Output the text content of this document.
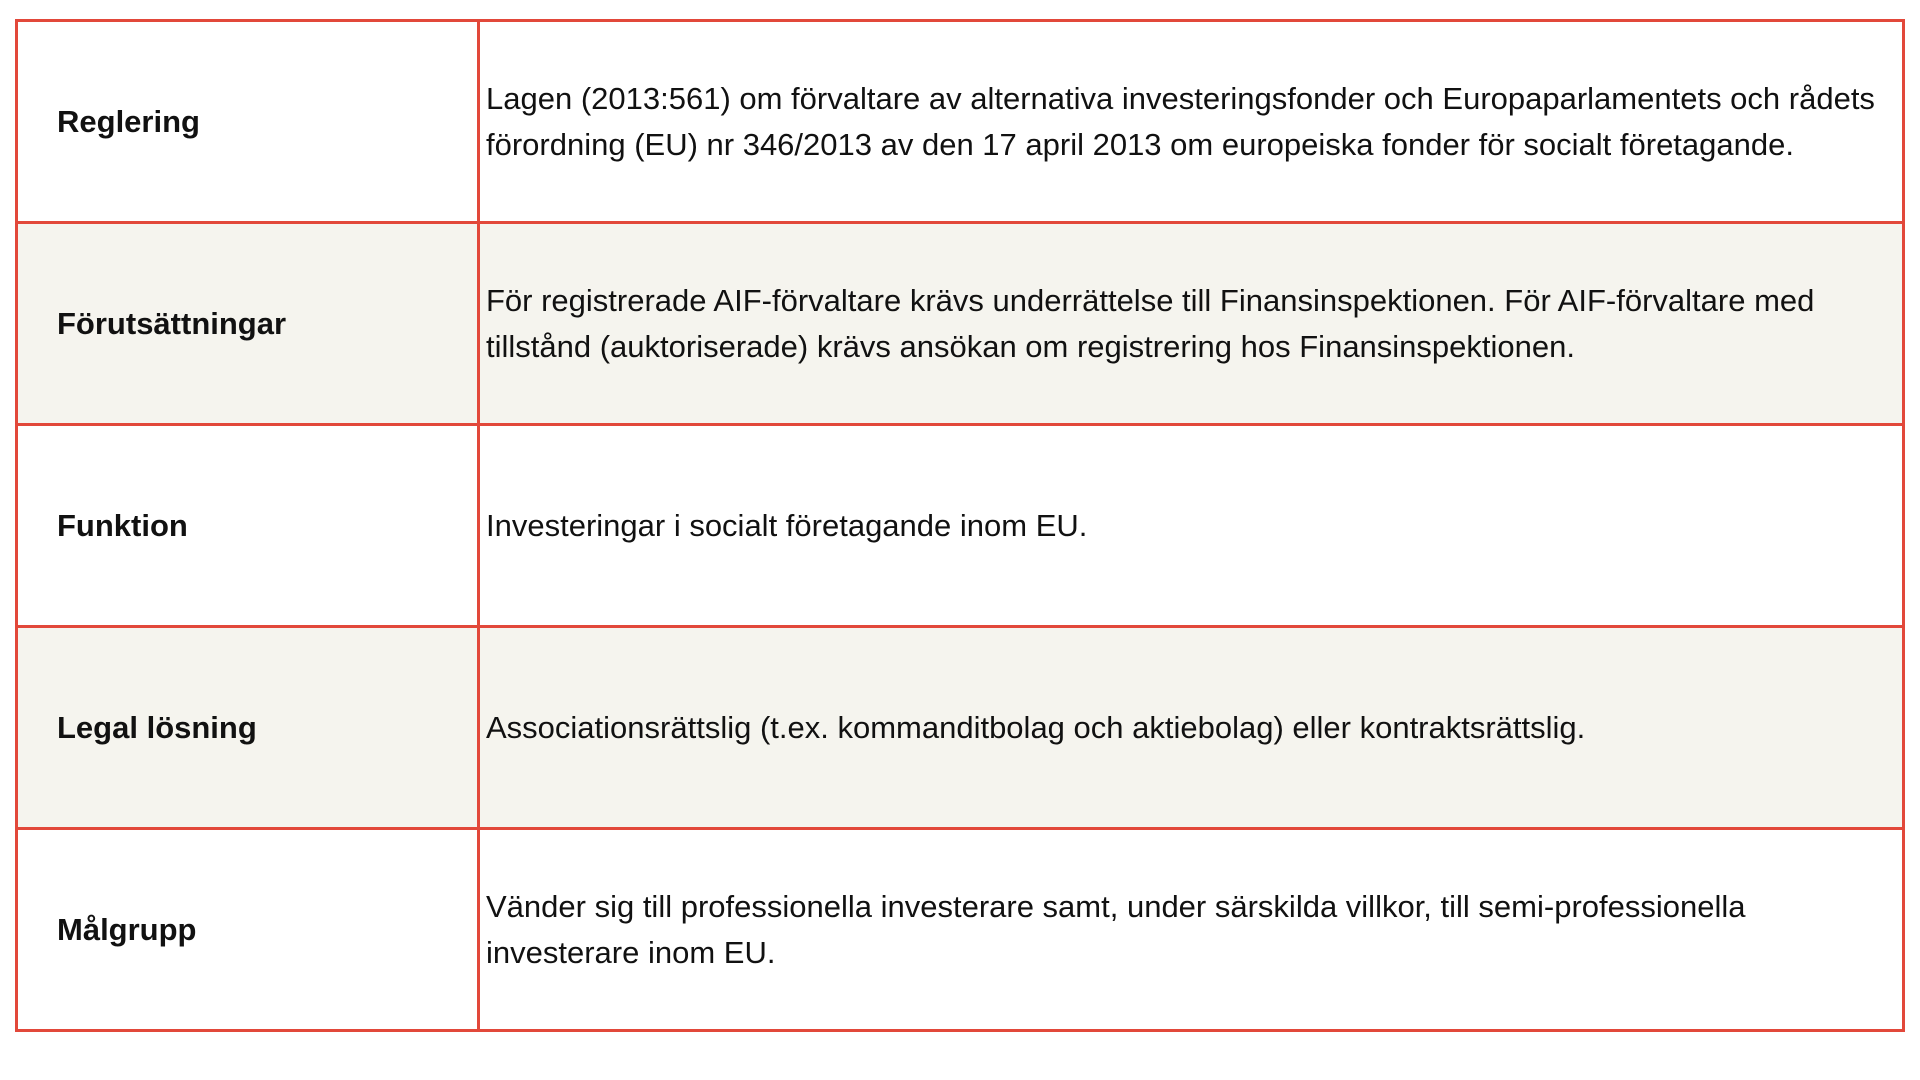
Reglering	Lagen (2013:561) om förvaltare av alternativa investeringsfonder och Europaparlamentets och rådets förordning (EU) nr 346/2013 av den 17 april 2013 om europeiska fonder för socialt företagande.
Förutsättningar	För registrerade AIF-förvaltare krävs underrättelse till Finansinspektionen. För AIF-förvaltare med tillstånd (auktoriserade) krävs ansökan om registrering hos Finansinspektionen.
Funktion	Investeringar i socialt företagande inom EU.
Legal lösning	Associationsrättslig (t.ex. kommanditbolag och aktiebolag) eller kontraktsrättslig.
Målgrupp	Vänder sig till professionella investerare samt, under särskilda villkor, till semi-professionella investerare inom EU.
